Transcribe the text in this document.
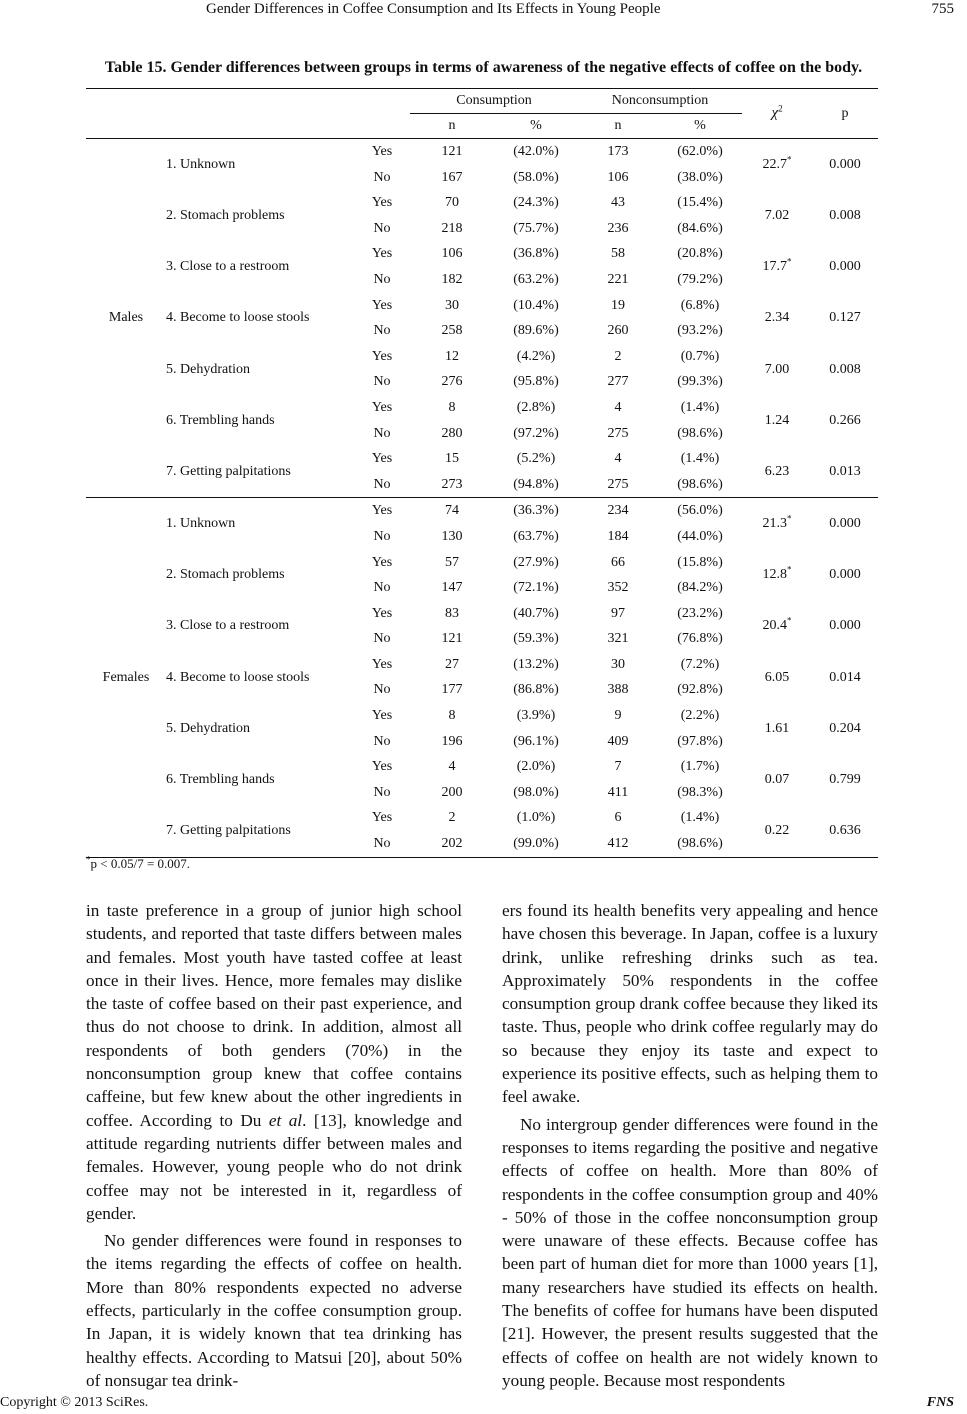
Gender Differences in Coffee Consumption and Its Effects in Young People	755
Table 15. Gender differences between groups in terms of awareness of the negative effects of coffee on the body.
			Consumption		Nonconsumption		$\chi^2$	p
			n	%	n	%		
Males	1. Unknown	Yes	121	(42.0%)	173	(62.0%)	22.7*	0.000
		No	167	(58.0%)	106	(38.0%)		
	2. Stomach problems	Yes	70	(24.3%)	43	(15.4%)	7.02	0.008
		No	218	(75.7%)	236	(84.6%)		
	3. Close to a restroom	Yes	106	(36.8%)	58	(20.8%)	17.7*	0.000
		No	182	(63.2%)	221	(79.2%)		
	4. Become to loose stools	Yes	30	(10.4%)	19	(6.8%)	2.34	0.127
		No	258	(89.6%)	260	(93.2%)		
	5. Dehydration	Yes	12	(4.2%)	2	(0.7%)	7.00	0.008
		No	276	(95.8%)	277	(99.3%)		
	6. Trembling hands	Yes	8	(2.8%)	4	(1.4%)	1.24	0.266
		No	280	(97.2%)	275	(98.6%)		
	7. Getting palpitations	Yes	15	(5.2%)	4	(1.4%)	6.23	0.013
		No	273	(94.8%)	275	(98.6%)		
Females	1. Unknown	Yes	74	(36.3%)	234	(56.0%)	21.3*	0.000
		No	130	(63.7%)	184	(44.0%)		
	2. Stomach problems	Yes	57	(27.9%)	66	(15.8%)	12.8*	0.000
		No	147	(72.1%)	352	(84.2%)		
	3. Close to a restroom	Yes	83	(40.7%)	97	(23.2%)	20.4*	0.000
		No	121	(59.3%)	321	(76.8%)		
	4. Become to loose stools	Yes	27	(13.2%)	30	(7.2%)	6.05	0.014
		No	177	(86.8%)	388	(92.8%)		
	5. Dehydration	Yes	8	(3.9%)	9	(2.2%)	1.61	0.204
		No	196	(96.1%)	409	(97.8%)		
	6. Trembling hands	Yes	4	(2.0%)	7	(1.7%)	0.07	0.799
		No	200	(98.0%)	411	(98.3%)		
	7. Getting palpitations	Yes	2	(1.0%)	6	(1.4%)	0.22	0.636
		No	202	(99.0%)	412	(98.6%)		
*p < 0.05/7 = 0.007.

in taste preference in a group of junior high school students, and reported that taste differs between males and females. Most youth have tasted coffee at least once in their lives. Hence, more females may dislike the taste of coffee based on their past experience, and thus do not choose to drink. In addition, almost all respondents of both genders (70%) in the nonconsumption group knew that coffee contains caffeine, but few knew about the other ingredients in coffee. According to Du et al. [13], knowledge and attitude regarding nutrients differ between males and females. However, young people who do not drink coffee may not be interested in it, regardless of gender.

No gender differences were found in responses to the items regarding the effects of coffee on health. More than 80% respondents expected no adverse effects, particularly in the coffee consumption group. In Japan, it is widely known that tea drinking has healthy effects. According to Matsui [20], about 50% of nonsugar tea drink-

ers found its health benefits very appealing and hence have chosen this beverage. In Japan, coffee is a luxury drink, unlike refreshing drinks such as tea. Approximately 50% respondents in the coffee consumption group drank coffee because they liked its taste. Thus, people who drink coffee regularly may do so because they enjoy its taste and expect to experience its positive effects, such as helping them to feel awake.

No intergroup gender differences were found in the responses to items regarding the positive and negative effects of coffee on health. More than 80% of respondents in the coffee consumption group and 40% - 50% of those in the coffee nonconsumption group were unaware of these effects. Because coffee has been part of human diet for more than 1000 years [1], many researchers have studied its effects on health. The benefits of coffee for humans have been disputed [21]. However, the present results suggested that the effects of coffee on health are not widely known to young people. Because most respondents

Copyright © 2013 SciRes.	FNS
